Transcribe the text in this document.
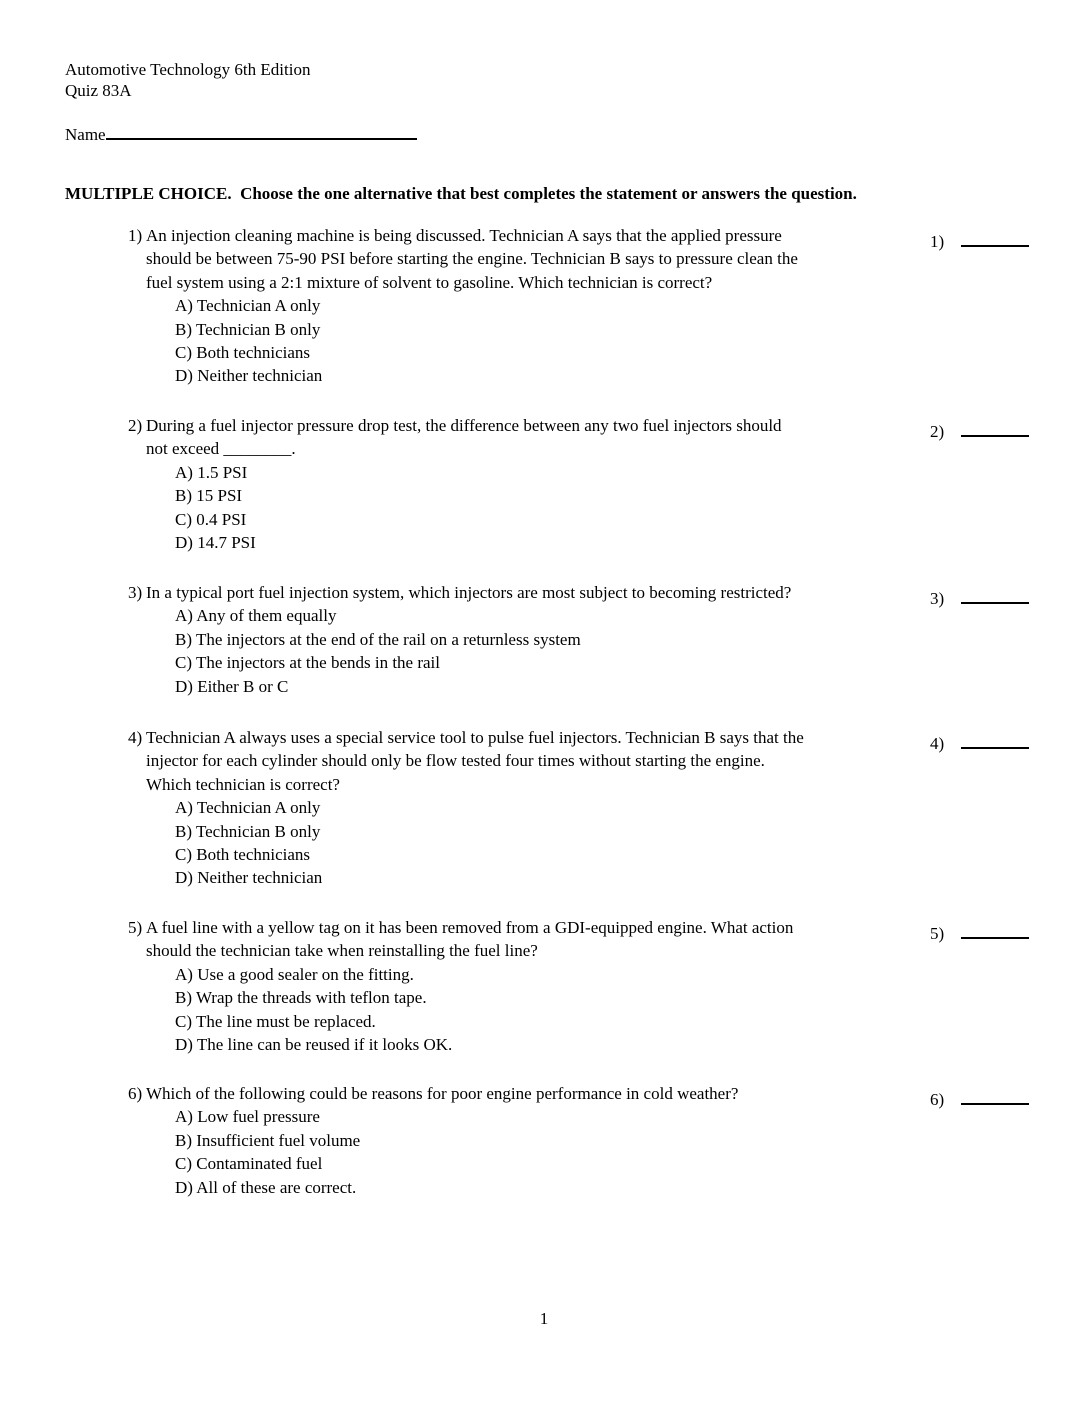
Automotive Technology 6th Edition
Quiz 83A
Name
MULTIPLE CHOICE.  Choose the one alternative that best completes the statement or answers the question.
1) An injection cleaning machine is being discussed. Technician A says that the applied pressure
should be between 75-90 PSI before starting the engine. Technician B says to pressure clean the
fuel system using a 2:1 mixture of solvent to gasoline. Which technician is correct?
A) Technician A only
B) Technician B only
C) Both technicians
D) Neither technician
1)
2) During a fuel injector pressure drop test, the difference between any two fuel injectors should
not exceed ________.
A) 1.5 PSI
B) 15 PSI
C) 0.4 PSI
D) 14.7 PSI
2)
3) In a typical port fuel injection system, which injectors are most subject to becoming restricted?
A) Any of them equally
B) The injectors at the end of the rail on a returnless system
C) The injectors at the bends in the rail
D) Either B or C
3)
4) Technician A always uses a special service tool to pulse fuel injectors. Technician B says that the
injector for each cylinder should only be flow tested four times without starting the engine.
Which technician is correct?
A) Technician A only
B) Technician B only
C) Both technicians
D) Neither technician
4)
5) A fuel line with a yellow tag on it has been removed from a GDI-equipped engine. What action
should the technician take when reinstalling the fuel line?
A) Use a good sealer on the fitting.
B) Wrap the threads with teflon tape.
C) The line must be replaced.
D) The line can be reused if it looks OK.
5)
6) Which of the following could be reasons for poor engine performance in cold weather?
A) Low fuel pressure
B) Insufficient fuel volume
C) Contaminated fuel
D) All of these are correct.
6)
1
